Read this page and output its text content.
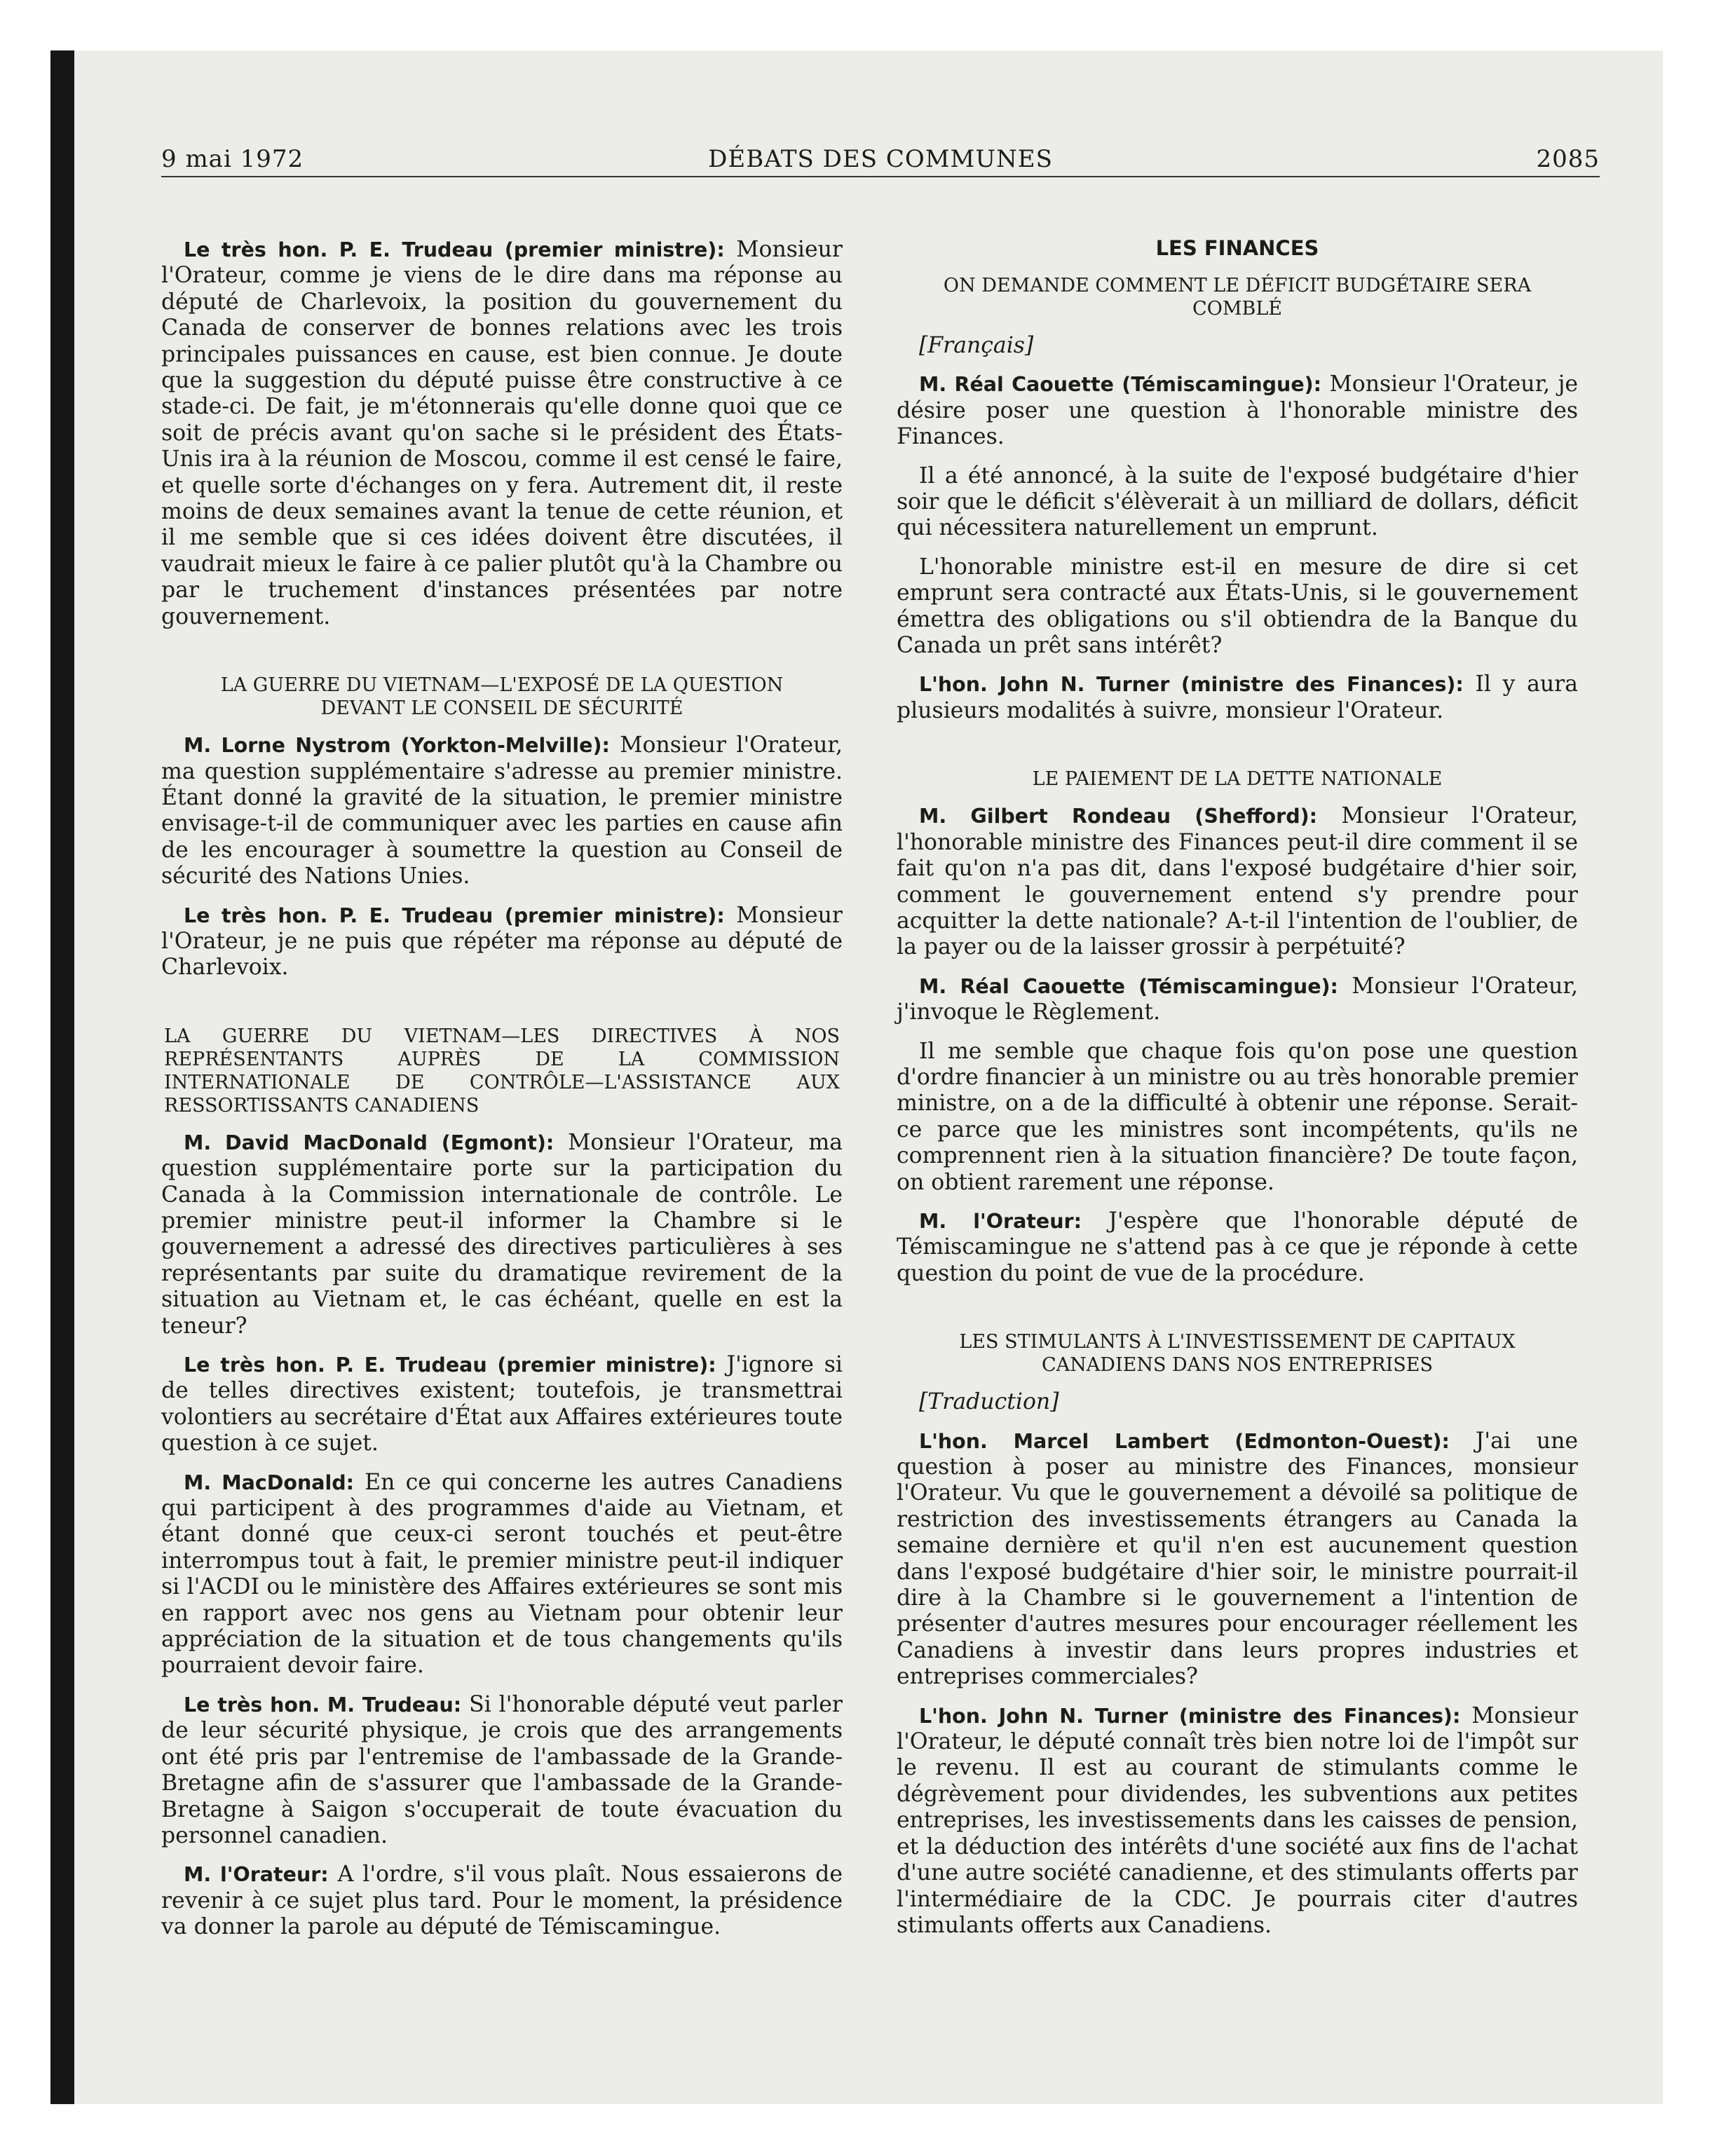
DÉBATS DES COMMUNES
9 mai 1972	2085

Le très hon. P. E. Trudeau (premier ministre): Monsieur l'Orateur, comme je viens de le dire dans ma réponse au député de Charlevoix, la position du gouvernement du Canada de conserver de bonnes relations avec les trois principales puissances en cause, est bien connue. Je doute que la suggestion du député puisse être constructive à ce stade-ci. De fait, je m'étonnerais qu'elle donne quoi que ce soit de précis avant qu'on sache si le président des États-Unis ira à la réunion de Moscou, comme il est censé le faire, et quelle sorte d'échanges on y fera. Autrement dit, il reste moins de deux semaines avant la tenue de cette réunion, et il me semble que si ces idées doivent être discutées, il vaudrait mieux le faire à ce palier plutôt qu'à la Chambre ou par le truchement d'instances présentées par notre gouvernement.

LA GUERRE DU VIETNAM—L'EXPOSÉ DE LA QUESTION DEVANT LE CONSEIL DE SÉCURITÉ

M. Lorne Nystrom (Yorkton-Melville): Monsieur l'Orateur, ma question supplémentaire s'adresse au premier ministre. Étant donné la gravité de la situation, le premier ministre envisage-t-il de communiquer avec les parties en cause afin de les encourager à soumettre la question au Conseil de sécurité des Nations Unies.

Le très hon. P. E. Trudeau (premier ministre): Monsieur l'Orateur, je ne puis que répéter ma réponse au député de Charlevoix.

LA GUERRE DU VIETNAM—LES DIRECTIVES À NOS REPRÉSENTANTS AUPRÈS DE LA COMMISSION INTERNATIONALE DE CONTRÔLE—L'ASSISTANCE AUX RESSORTISSANTS CANADIENS

M. David MacDonald (Egmont): Monsieur l'Orateur, ma question supplémentaire porte sur la participation du Canada à la Commission internationale de contrôle. Le premier ministre peut-il informer la Chambre si le gouvernement a adressé des directives particulières à ses représentants par suite du dramatique revirement de la situation au Vietnam et, le cas échéant, quelle en est la teneur?

Le très hon. P. E. Trudeau (premier ministre): J'ignore si de telles directives existent; toutefois, je transmettrai volontiers au secrétaire d'État aux Affaires extérieures toute question à ce sujet.

M. MacDonald: En ce qui concerne les autres Canadiens qui participent à des programmes d'aide au Vietnam, et étant donné que ceux-ci seront touchés et peut-être interrompus tout à fait, le premier ministre peut-il indiquer si l'ACDI ou le ministère des Affaires extérieures se sont mis en rapport avec nos gens au Vietnam pour obtenir leur appréciation de la situation et de tous changements qu'ils pourraient devoir faire.

Le très hon. M. Trudeau: Si l'honorable député veut parler de leur sécurité physique, je crois que des arrangements ont été pris par l'entremise de l'ambassade de la Grande-Bretagne afin de s'assurer que l'ambassade de la Grande-Bretagne à Saigon s'occuperait de toute évacuation du personnel canadien.

M. l'Orateur: A l'ordre, s'il vous plaît. Nous essaierons de revenir à ce sujet plus tard. Pour le moment, la présidence va donner la parole au député de Témiscamingue.

LES FINANCES
ON DEMANDE COMMENT LE DÉFICIT BUDGÉTAIRE SERA COMBLÉ

[Français]

M. Réal Caouette (Témiscamingue): Monsieur l'Orateur, je désire poser une question à l'honorable ministre des Finances.

Il a été annoncé, à la suite de l'exposé budgétaire d'hier soir que le déficit s'élèverait à un milliard de dollars, déficit qui nécessitera naturellement un emprunt.

L'honorable ministre est-il en mesure de dire si cet emprunt sera contracté aux États-Unis, si le gouvernement émettra des obligations ou s'il obtiendra de la Banque du Canada un prêt sans intérêt?

L'hon. John N. Turner (ministre des Finances): Il y aura plusieurs modalités à suivre, monsieur l'Orateur.

LE PAIEMENT DE LA DETTE NATIONALE

M. Gilbert Rondeau (Shefford): Monsieur l'Orateur, l'honorable ministre des Finances peut-il dire comment il se fait qu'on n'a pas dit, dans l'exposé budgétaire d'hier soir, comment le gouvernement entend s'y prendre pour acquitter la dette nationale? A-t-il l'intention de l'oublier, de la payer ou de la laisser grossir à perpétuité?

M. Réal Caouette (Témiscamingue): Monsieur l'Orateur, j'invoque le Règlement.

Il me semble que chaque fois qu'on pose une question d'ordre financier à un ministre ou au très honorable premier ministre, on a de la difficulté à obtenir une réponse. Serait-ce parce que les ministres sont incompétents, qu'ils ne comprennent rien à la situation financière? De toute façon, on obtient rarement une réponse.

M. l'Orateur: J'espère que l'honorable député de Témiscamingue ne s'attend pas à ce que je réponde à cette question du point de vue de la procédure.

LES STIMULANTS À L'INVESTISSEMENT DE CAPITAUX CANADIENS DANS NOS ENTREPRISES

[Traduction]

L'hon. Marcel Lambert (Edmonton-Ouest): J'ai une question à poser au ministre des Finances, monsieur l'Orateur. Vu que le gouvernement a dévoilé sa politique de restriction des investissements étrangers au Canada la semaine dernière et qu'il n'en est aucunement question dans l'exposé budgétaire d'hier soir, le ministre pourrait-il dire à la Chambre si le gouvernement a l'intention de présenter d'autres mesures pour encourager réellement les Canadiens à investir dans leurs propres industries et entreprises commerciales?

L'hon. John N. Turner (ministre des Finances): Monsieur l'Orateur, le député connaît très bien notre loi de l'impôt sur le revenu. Il est au courant de stimulants comme le dégrèvement pour dividendes, les subventions aux petites entreprises, les investissements dans les caisses de pension, et la déduction des intérêts d'une société aux fins de l'achat d'une autre société canadienne, et des stimulants offerts par l'intermédiaire de la CDC. Je pourrais citer d'autres stimulants offerts aux Canadiens.
